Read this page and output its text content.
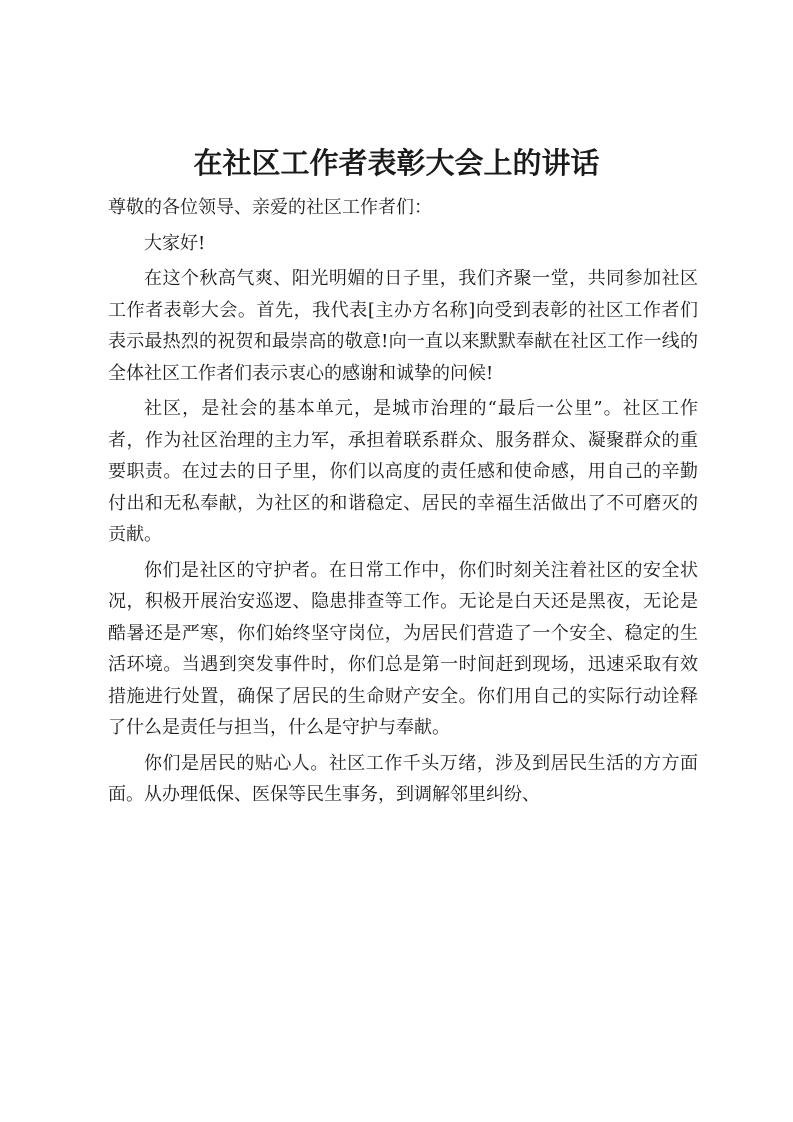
在社区工作者表彰大会上的讲话

尊敬的各位领导、亲爱的社区工作者们：

大家好!

在这个秋高气爽、阳光明媚的日子里，我们齐聚一堂，共同参加社区工作者表彰大会。首先，我代表[主办方名称]向受到表彰的社区工作者们表示最热烈的祝贺和最崇高的敬意!向一直以来默默奉献在社区工作一线的全体社区工作者们表示衷心的感谢和诚挚的问候!

社区，是社会的基本单元，是城市治理的“最后一公里”。社区工作者，作为社区治理的主力军，承担着联系群众、服务群众、凝聚群众的重要职责。在过去的日子里，你们以高度的责任感和使命感，用自己的辛勤付出和无私奉献，为社区的和谐稳定、居民的幸福生活做出了不可磨灭的贡献。

你们是社区的守护者。在日常工作中，你们时刻关注着社区的安全状况，积极开展治安巡逻、隐患排查等工作。无论是白天还是黑夜，无论是酷暑还是严寒，你们始终坚守岗位，为居民们营造了一个安全、稳定的生活环境。当遇到突发事件时，你们总是第一时间赶到现场，迅速采取有效措施进行处置，确保了居民的生命财产安全。你们用自己的实际行动诠释了什么是责任与担当，什么是守护与奉献。

你们是居民的贴心人。社区工作千头万绪，涉及到居民生活的方方面面。从办理低保、医保等民生事务，到调解邻里纠纷、
